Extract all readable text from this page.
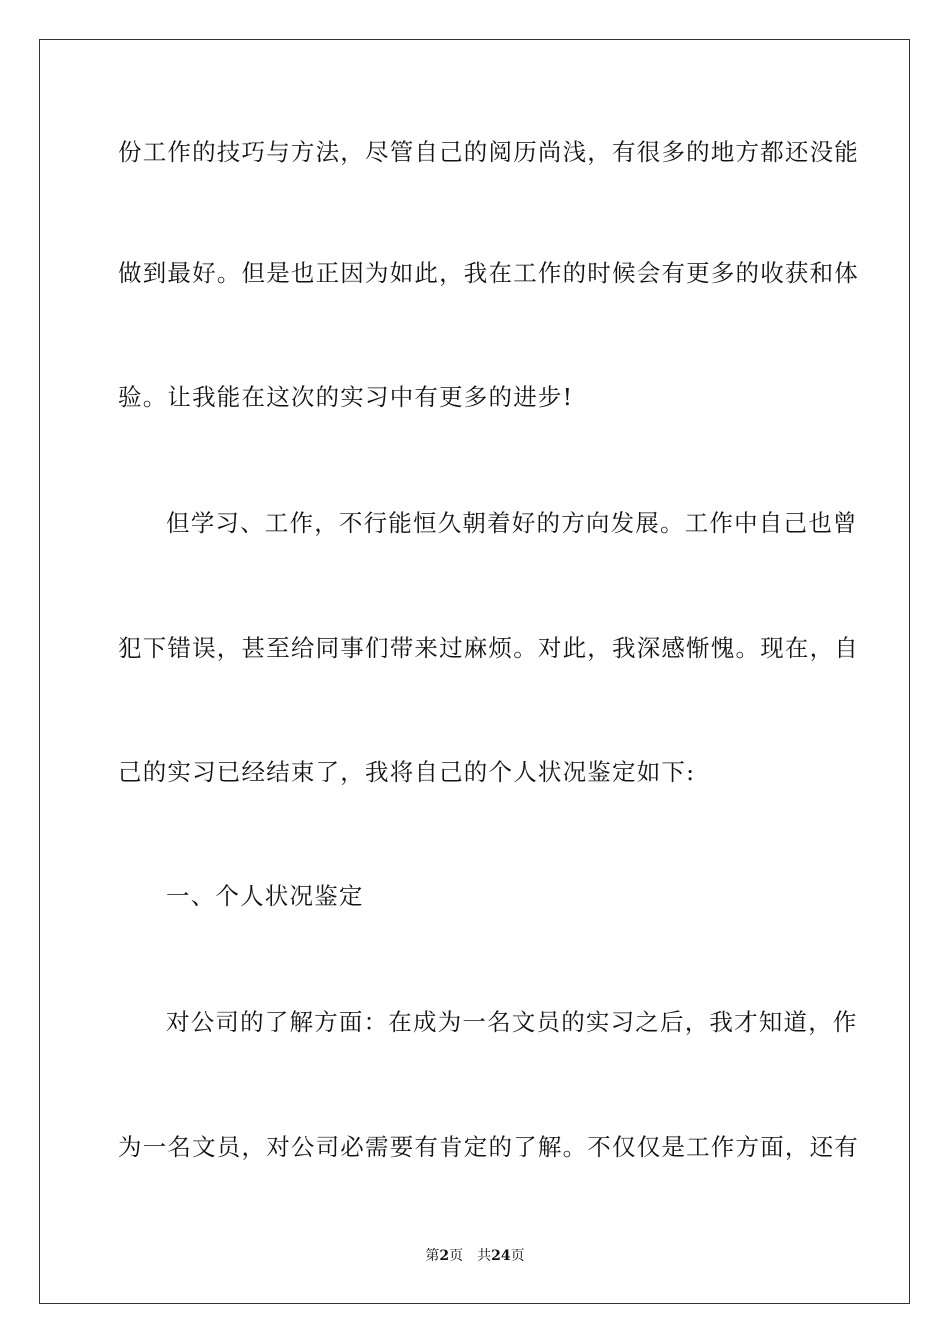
份工作的技巧与方法，尽管自己的阅历尚浅，有很多的地方都还没能
做到最好。但是也正因为如此，我在工作的时候会有更多的收获和体
验。让我能在这次的实习中有更多的进步!
但学习、工作，不行能恒久朝着好的方向发展。工作中自己也曾
犯下错误，甚至给同事们带来过麻烦。对此，我深感惭愧。现在，自
己的实习已经结束了，我将自己的个人状况鉴定如下:
一、个人状况鉴定
对公司的了解方面：在成为一名文员的实习之后，我才知道，作
为一名文员，对公司必需要有肯定的了解。不仅仅是工作方面，还有
第2页 共24页
